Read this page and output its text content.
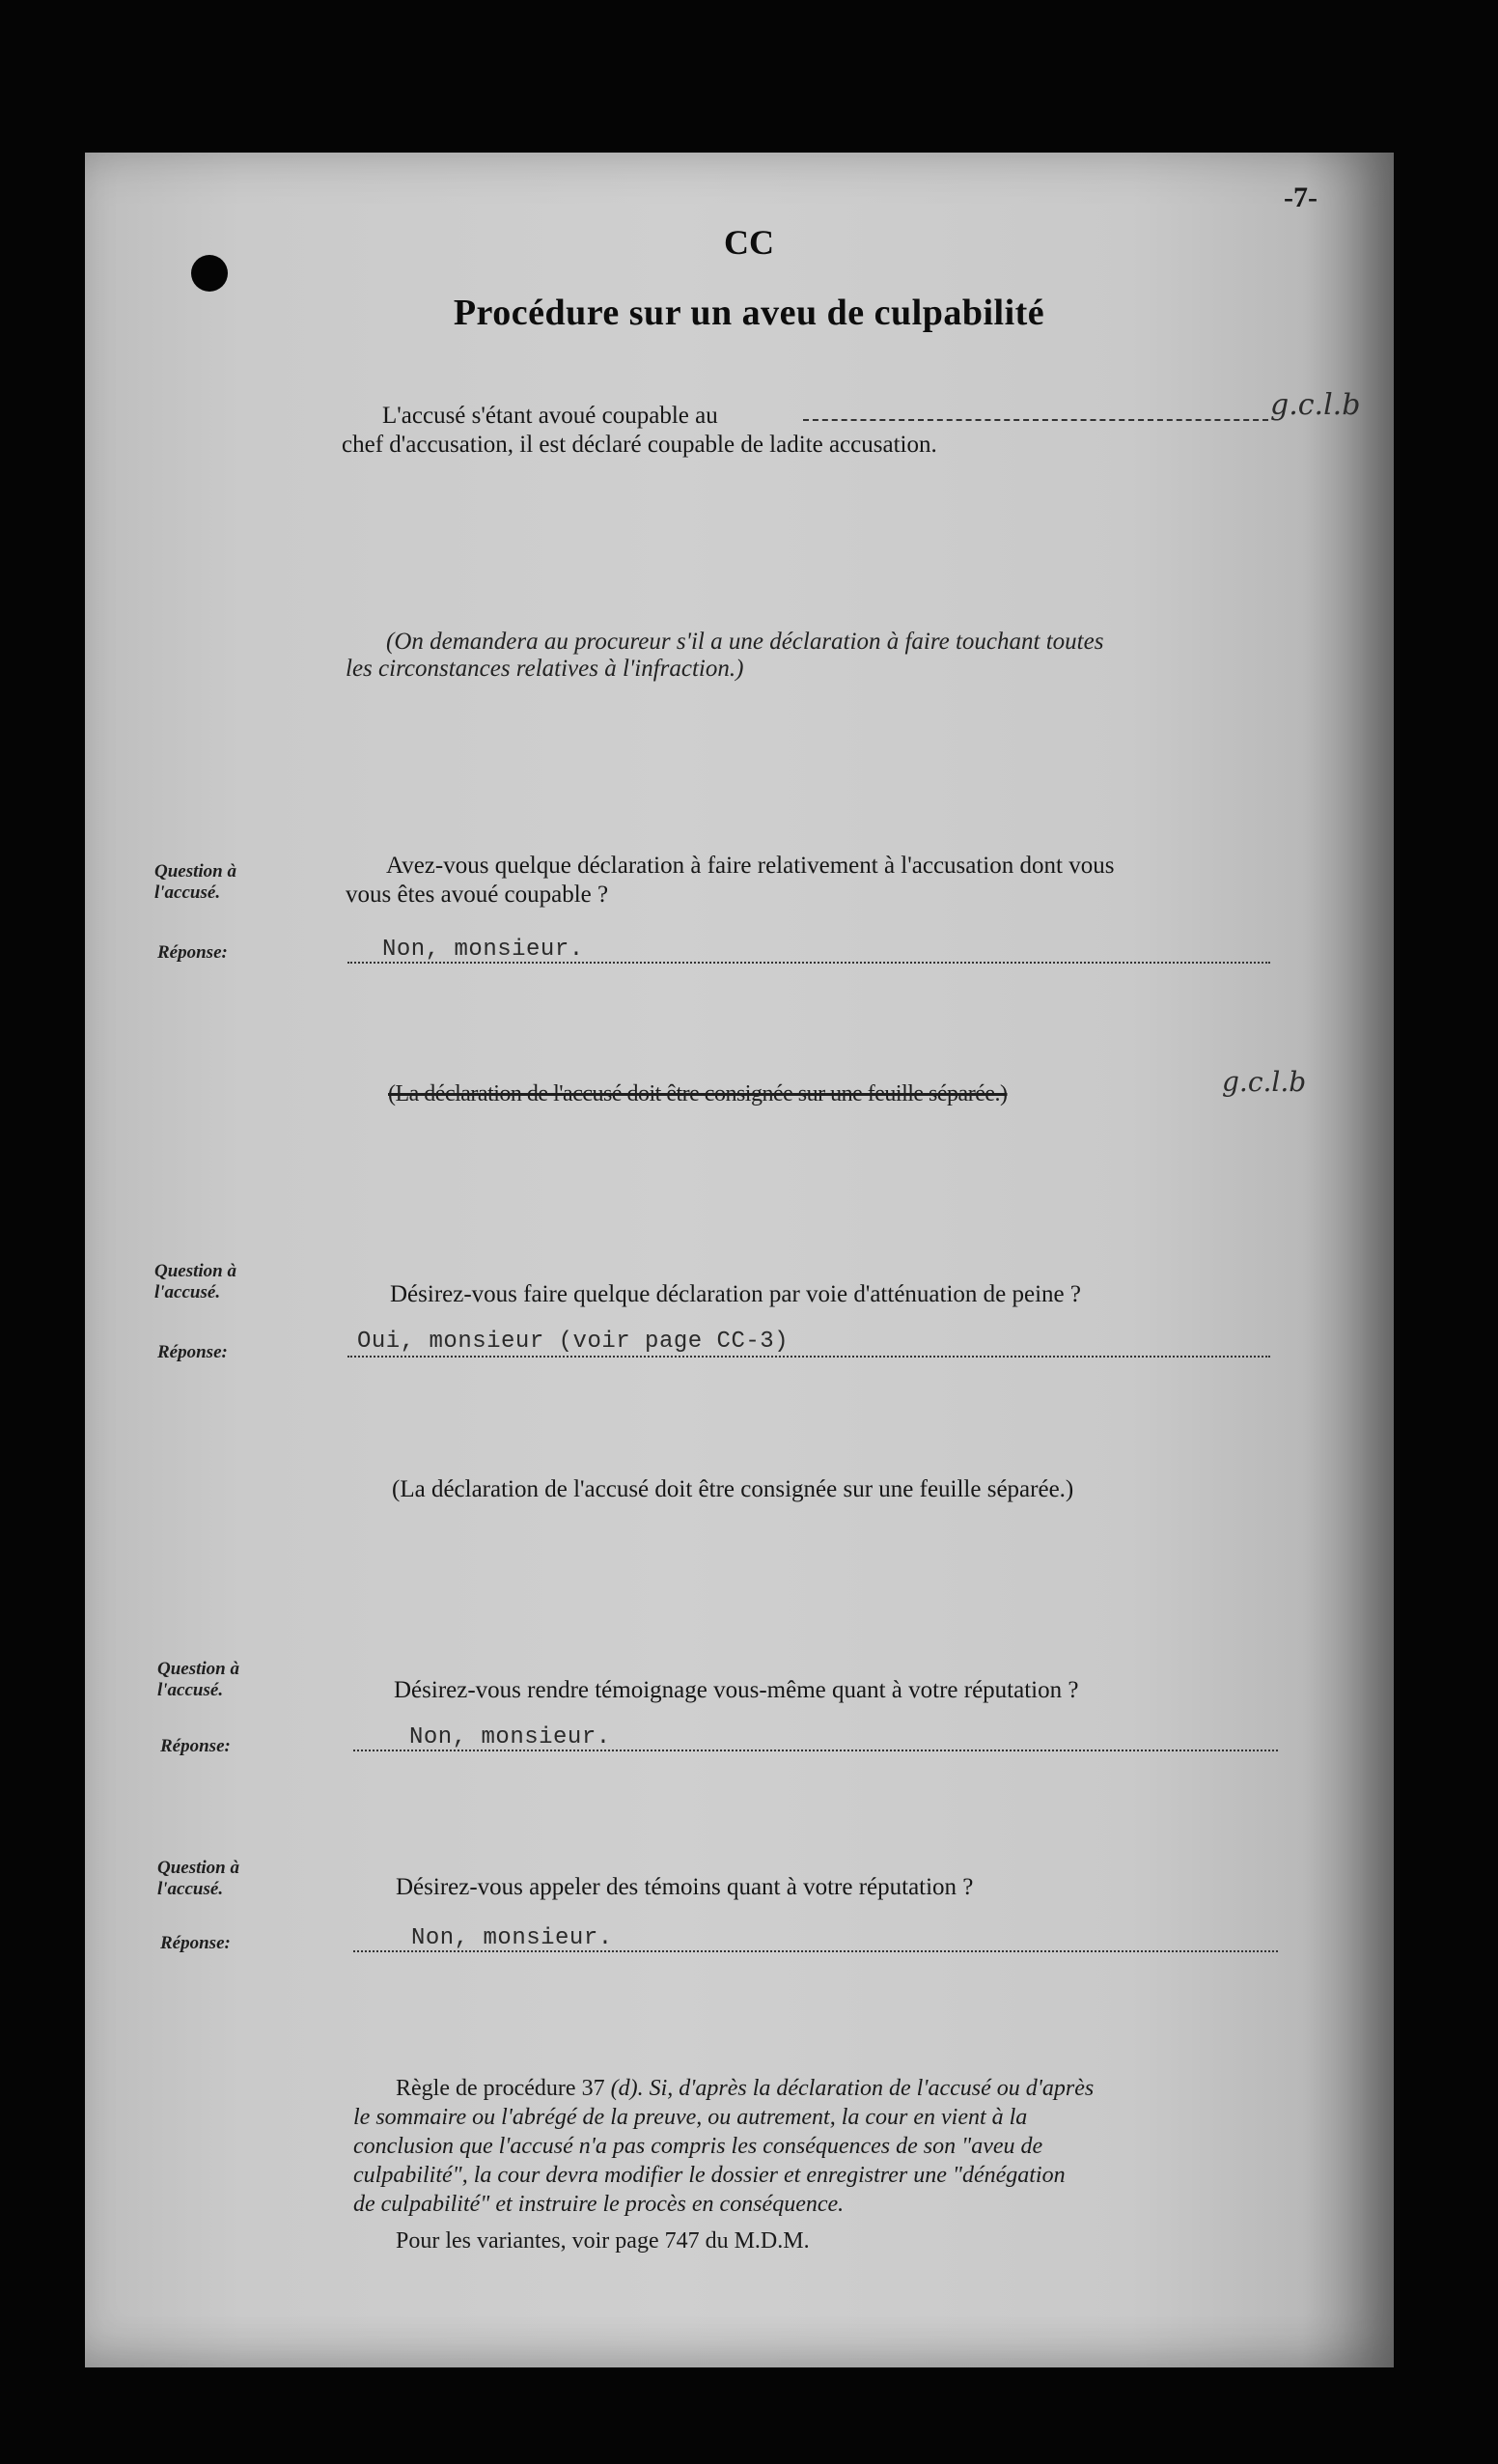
-7-
CC
Procédure sur un aveu de culpabilité
L'accusé s'étant avoué coupable au	g.c.l.b
chef d'accusation, il est déclaré coupable de ladite accusation.
(On demandera au procureur s'il a une déclaration à faire touchant toutes
les circonstances relatives à l'infraction.)
Question à
l'accusé.
Avez-vous quelque déclaration à faire relativement à l'accusation dont vous
vous êtes avoué coupable ?
Réponse:	Non, monsieur.
(La déclaration de l'accusé doit être consignée sur une feuille séparée.)	g.c.l.b
Question à
l'accusé.	Désirez-vous faire quelque déclaration par voie d'atténuation de peine ?
Réponse:	Oui, monsieur (voir page CC-3)
(La déclaration de l'accusé doit être consignée sur une feuille séparée.)
Question à
l'accusé.	Désirez-vous rendre témoignage vous-même quant à votre réputation ?
Réponse:	Non, monsieur.
Question à
l'accusé.	Désirez-vous appeler des témoins quant à votre réputation ?
Réponse:	Non, monsieur.
Règle de procédure 37 (d). Si, d'après la déclaration de l'accusé ou d'après
le sommaire ou l'abrégé de la preuve, ou autrement, la cour en vient à la
conclusion que l'accusé n'a pas compris les conséquences de son "aveu de
culpabilité", la cour devra modifier le dossier et enregistrer une "dénégation
de culpabilité" et instruire le procès en conséquence.
Pour les variantes, voir page 747 du M.D.M.
